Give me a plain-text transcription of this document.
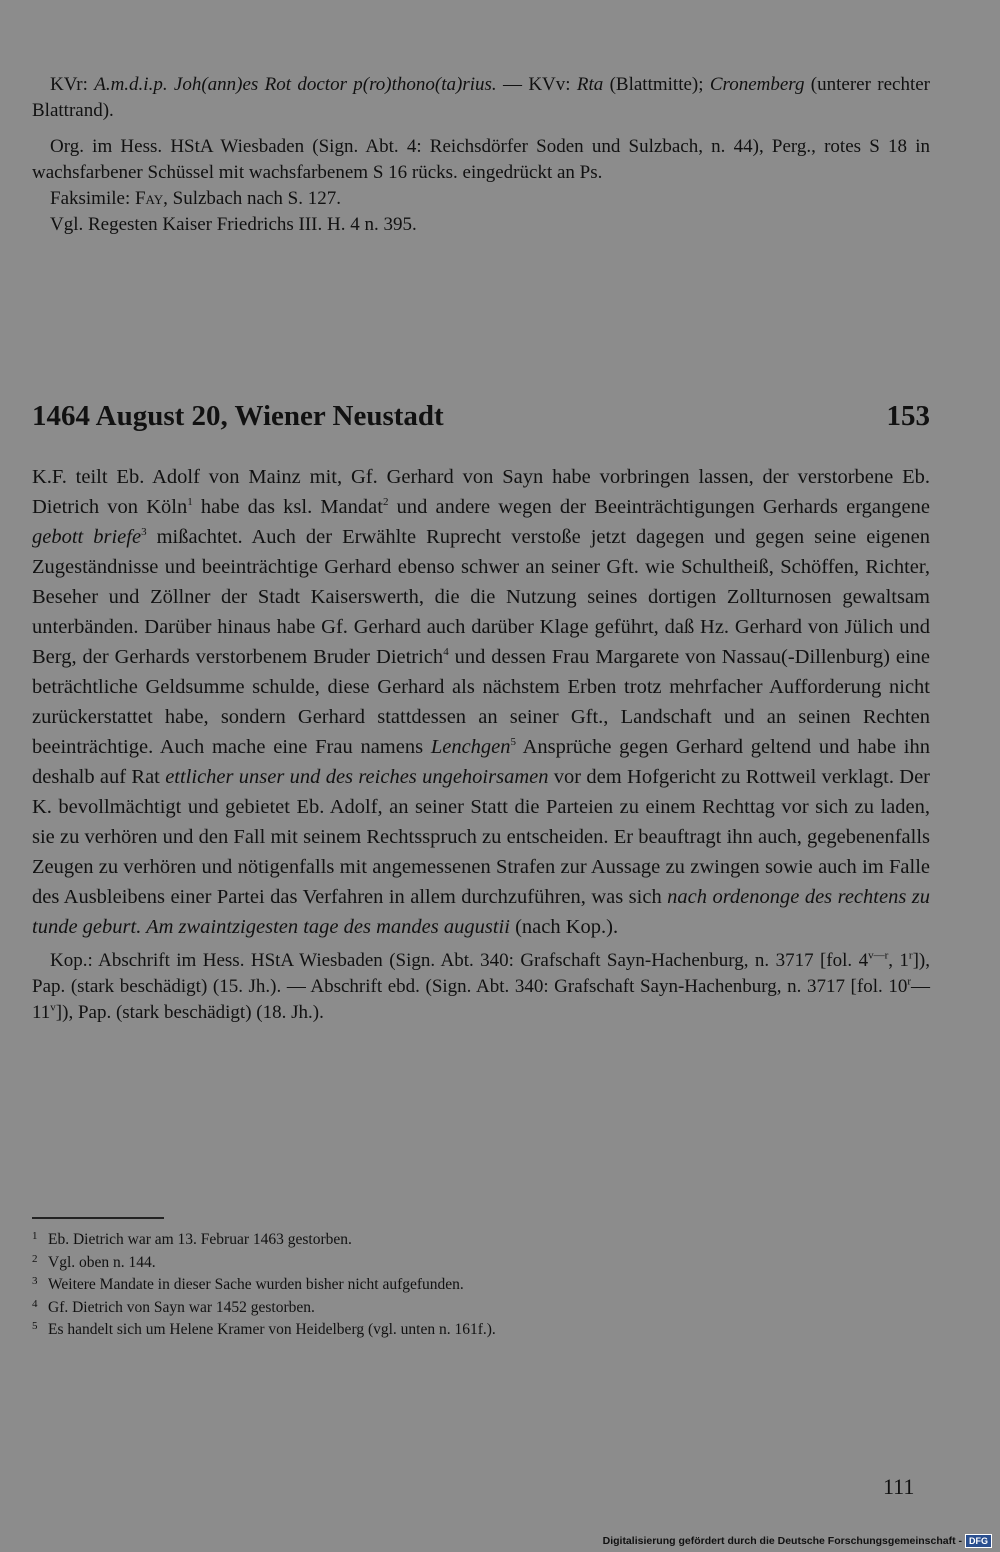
KVr: A.m.d.i.p. Joh(ann)es Rot doctor p(ro)thono(ta)rius. — KVv: Rta (Blattmitte); Cronemberg (unterer rechter Blattrand).

Org. im Hess. HStA Wiesbaden (Sign. Abt. 4: Reichsdörfer Soden und Sulzbach, n. 44), Perg., rotes S 18 in wachsfarbener Schüssel mit wachsfarbenem S 16 rücks. eingedrückt an Ps.

Faksimile: Fay, Sulzbach nach S. 127.

Vgl. Regesten Kaiser Friedrichs III. H. 4 n. 395.

1464 August 20, Wiener Neustadt	153

K.F. teilt Eb. Adolf von Mainz mit, Gf. Gerhard von Sayn habe vorbringen lassen, der verstorbene Eb. Dietrich von Köln$^1$ habe das ksl. Mandat$^2$ und andere wegen der Beeinträchtigungen Gerhards ergangene gebott briefe$^3$ mißachtet. Auch der Erwählte Ruprecht verstoße jetzt dagegen und gegen seine eigenen Zugeständnisse und beeinträchtige Gerhard ebenso schwer an seiner Gft. wie Schultheiß, Schöffen, Richter, Beseher und Zöllner der Stadt Kaiserswerth, die die Nutzung seines dortigen Zollturnosen gewaltsam unterbänden. Darüber hinaus habe Gf. Gerhard auch darüber Klage geführt, daß Hz. Gerhard von Jülich und Berg, der Gerhards verstorbenem Bruder Dietrich$^4$ und dessen Frau Margarete von Nassau(-Dillenburg) eine beträchtliche Geldsumme schulde, diese Gerhard als nächstem Erben trotz mehrfacher Aufforderung nicht zurückerstattet habe, sondern Gerhard stattdessen an seiner Gft., Landschaft und an seinen Rechten beeinträchtige. Auch mache eine Frau namens Lenchgen$^5$ Ansprüche gegen Gerhard geltend und habe ihn deshalb auf Rat ettlicher unser und des reiches ungehoirsamen vor dem Hofgericht zu Rottweil verklagt. Der K. bevollmächtigt und gebietet Eb. Adolf, an seiner Statt die Parteien zu einem Rechttag vor sich zu laden, sie zu verhören und den Fall mit seinem Rechtsspruch zu entscheiden. Er beauftragt ihn auch, gegebenenfalls Zeugen zu verhören und nötigenfalls mit angemessenen Strafen zur Aussage zu zwingen sowie auch im Falle des Ausbleibens einer Partei das Verfahren in allem durchzuführen, was sich nach ordenonge des rechtens zu tunde geburt. Am zwaintzigesten tage des mandes augustii (nach Kop.).

Kop.: Abschrift im Hess. HStA Wiesbaden (Sign. Abt. 340: Grafschaft Sayn-Hachenburg, n. 3717 [fol. $4^{v—r}$, 1$^r$]), Pap. (stark beschädigt) (15. Jh.). — Abschrift ebd. (Sign. Abt. 340: Grafschaft Sayn-Hachenburg, n. 3717 [fol. 10$^r$—11$^v$]), Pap. (stark beschädigt) (18. Jh.).

1 Eb. Dietrich war am 13. Februar 1463 gestorben.
2 Vgl. oben n. 144.
3 Weitere Mandate in dieser Sache wurden bisher nicht aufgefunden.
4 Gf. Dietrich von Sayn war 1452 gestorben.
5 Es handelt sich um Helene Kramer von Heidelberg (vgl. unten n. 161f.).
111
Digitalisierung gefördert durch die Deutsche Forschungsgemeinschaft - DFG
